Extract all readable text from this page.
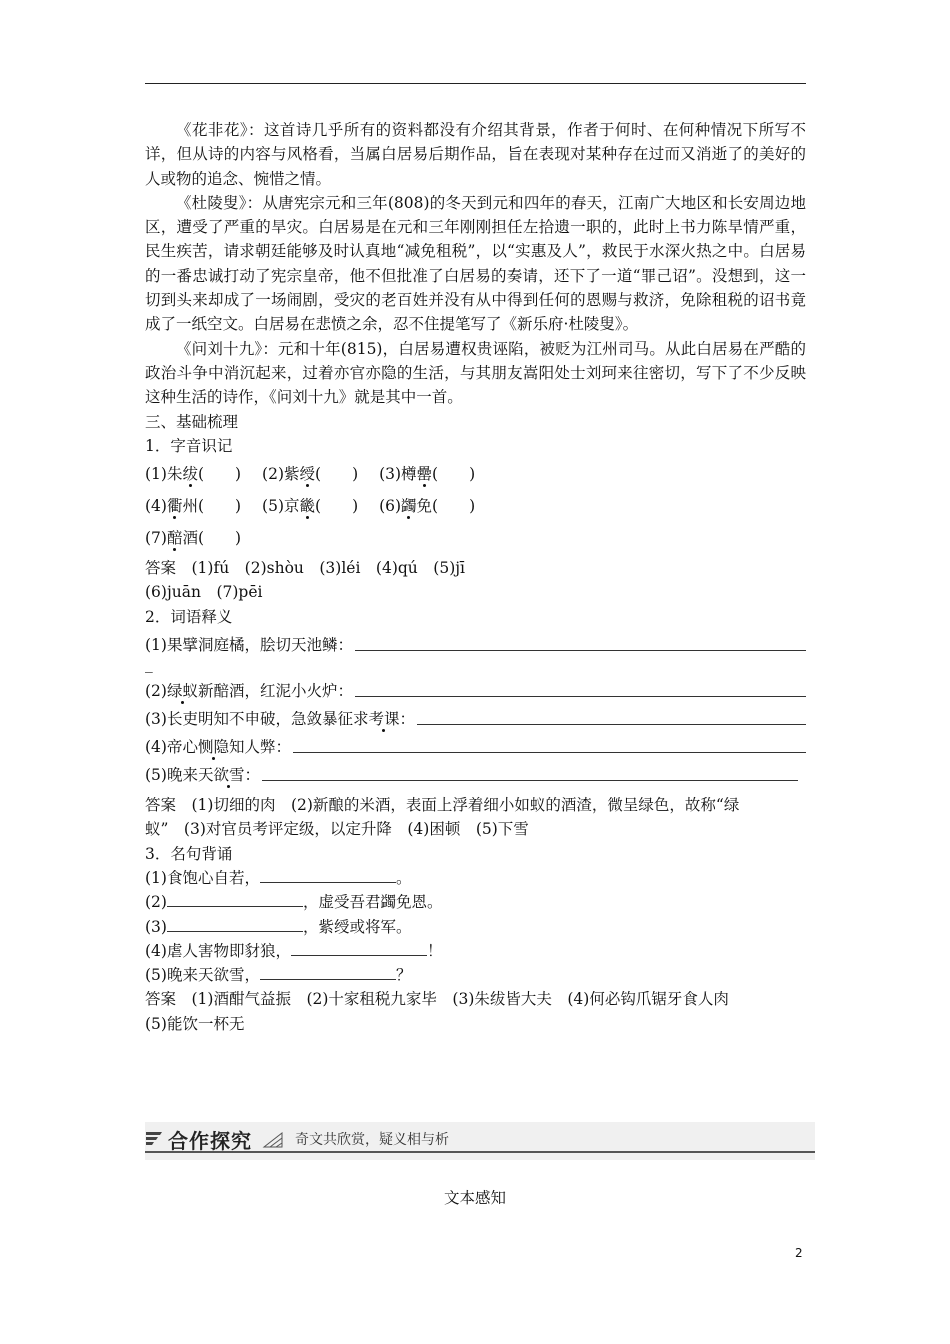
《花非花》：这首诗几乎所有的资料都没有介绍其背景，作者于何时、在何种情况下所写不详，但从诗的内容与风格看，当属白居易后期作品，旨在表现对某种存在过而又消逝了的美好的人或物的追念、惋惜之情。

《杜陵叟》：从唐宪宗元和三年(808)的冬天到元和四年的春天，江南广大地区和长安周边地区，遭受了严重的旱灾。白居易是在元和三年刚刚担任左拾遗一职的，此时上书力陈旱情严重，民生疾苦，请求朝廷能够及时认真地“减免租税”，以“实惠及人”，救民于水深火热之中。白居易的一番忠诚打动了宪宗皇帝，他不但批准了白居易的奏请，还下了一道“罪己诏”。没想到，这一切到头来却成了一场闹剧，受灾的老百姓并没有从中得到任何的恩赐与救济，免除租税的诏书竟成了一纸空文。白居易在悲愤之余，忍不住提笔写了《新乐府·杜陵叟》。

《问刘十九》：元和十年(815)，白居易遭权贵诬陷，被贬为江州司马。从此白居易在严酷的政治斗争中消沉起来，过着亦官亦隐的生活，与其朋友嵩阳处士刘珂来往密切，写下了不少反映这种生活的诗作，《问刘十九》就是其中一首。

三、基础梳理

1．字音识记

(1)朱绂(　　) (2)紫绶(　　) (3)樽罍(　　)

(4)衢州(　　) (5)京畿(　　) (6)蠲免(　　)

(7)醅酒(　　)

答案　(1)fú　(2)shòu　(3)léi　(4)qú　(5)jī

(6)juān　(7)pēi

2．词语释义

(1)果擘洞庭橘，脍切天池鳞：

_

(2)绿蚁新醅酒，红泥小火炉：
(3)长吏明知不申破，急敛暴征求考课：
(4)帝心恻隐知人弊：
(5)晚来天欲雪：

答案　(1)切细的肉　(2)新酿的米酒，表面上浮着细小如蚁的酒渣，微呈绿色，故称“绿

蚁”　(3)对官员考评定级，以定升降　(4)困顿　(5)下雪

3．名句背诵

(1)食饱心自若，	。

(2)	，虚受吾君蠲免恩。

(3)	，紫绶或将军。

(4)虐人害物即豺狼，	！

(5)晚来天欲雪，	？

答案　(1)酒酣气益振　(2)十家租税九家毕　(3)朱绂皆大夫　(4)何必钩爪锯牙食人肉

(5)能饮一杯无

合作探究	奇文共欣赏，疑义相与析
文本感知
2
